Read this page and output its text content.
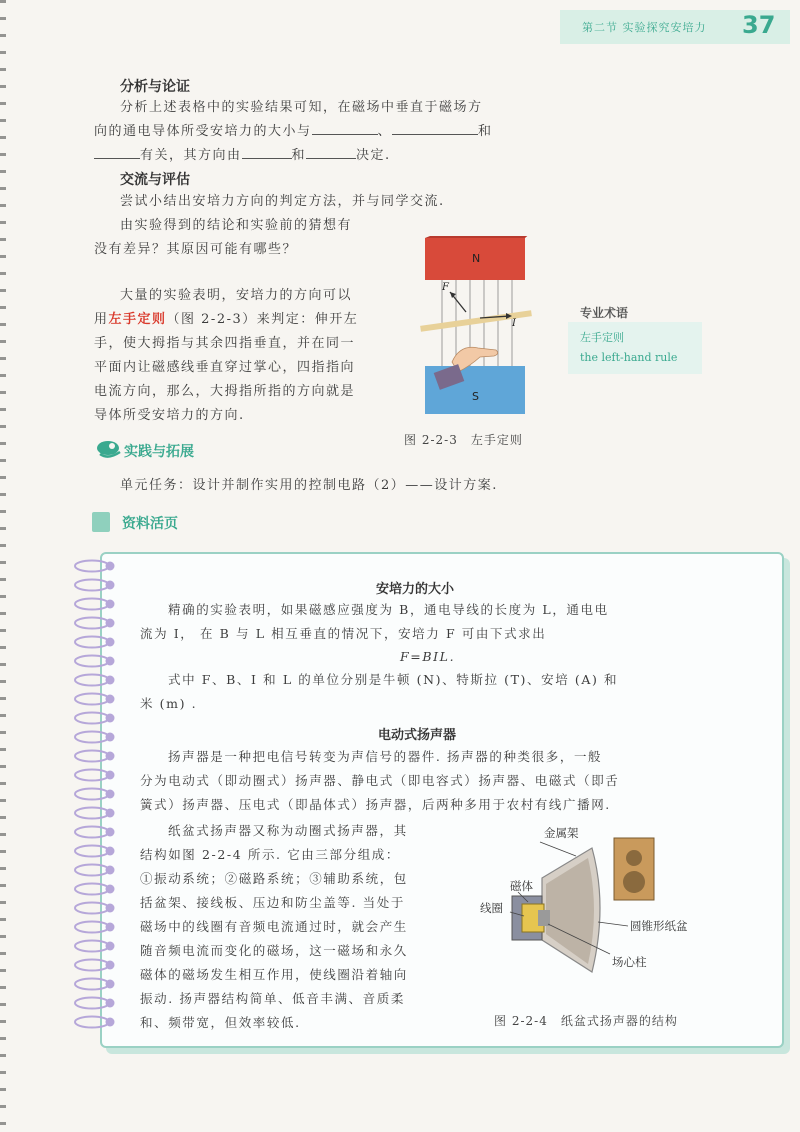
第二节 实验探究安培力 37
分析与论证
分析上述表格中的实验结果可知，在磁场中垂直于磁场方
向的通电导体所受安培力的大小与	、	和
有关，其方向由	和	决定.
交流与评估
尝试小结出安培力方向的判定方法，并与同学交流.
由实验得到的结论和实验前的猜想有
没有差异？其原因可能有哪些？
大量的实验表明，安培力的方向可以
用左手定则（图 2-2-3）来判定：伸开左
手，使大拇指与其余四指垂直，并在同一
平面内让磁感线垂直穿过掌心，四指指向
电流方向，那么，大拇指所指的方向就是
导体所受安培力的方向.
N
S
F
I
图 2-2-3　左手定则
专业术语
左手定则
the left-hand rule
实践与拓展
单元任务：设计并制作实用的控制电路（2）——设计方案.
资料活页
安培力的大小
精确的实验表明，如果磁感应强度为 B，通电导线的长度为 L，通电电
流为 I， 在 B 与 L 相互垂直的情况下，安培力 F 可由下式求出
F=BIL.
式中 F、B、I 和 L 的单位分别是牛顿 (N)、特斯拉 (T)、安培 (A) 和
米 (m) .
电动式扬声器
扬声器是一种把电信号转变为声信号的器件. 扬声器的种类很多，一般
分为电动式（即动圈式）扬声器、静电式（即电容式）扬声器、电磁式（即舌
簧式）扬声器、压电式（即晶体式）扬声器，后两种多用于农村有线广播网.
纸盆式扬声器又称为动圈式扬声器，其
结构如图 2-2-4 所示. 它由三部分组成：
①振动系统；②磁路系统；③辅助系统，包
括盆架、接线板、压边和防尘盖等. 当处于
磁场中的线圈有音频电流通过时，就会产生
随音频电流而变化的磁场，这一磁场和永久
磁体的磁场发生相互作用，使线圈沿着轴向
振动. 扬声器结构简单、低音丰满、音质柔
和、频带宽，但效率较低.
金属架
磁体
线圈
圆锥形纸盆
场心柱
图 2-2-4　纸盆式扬声器的结构
